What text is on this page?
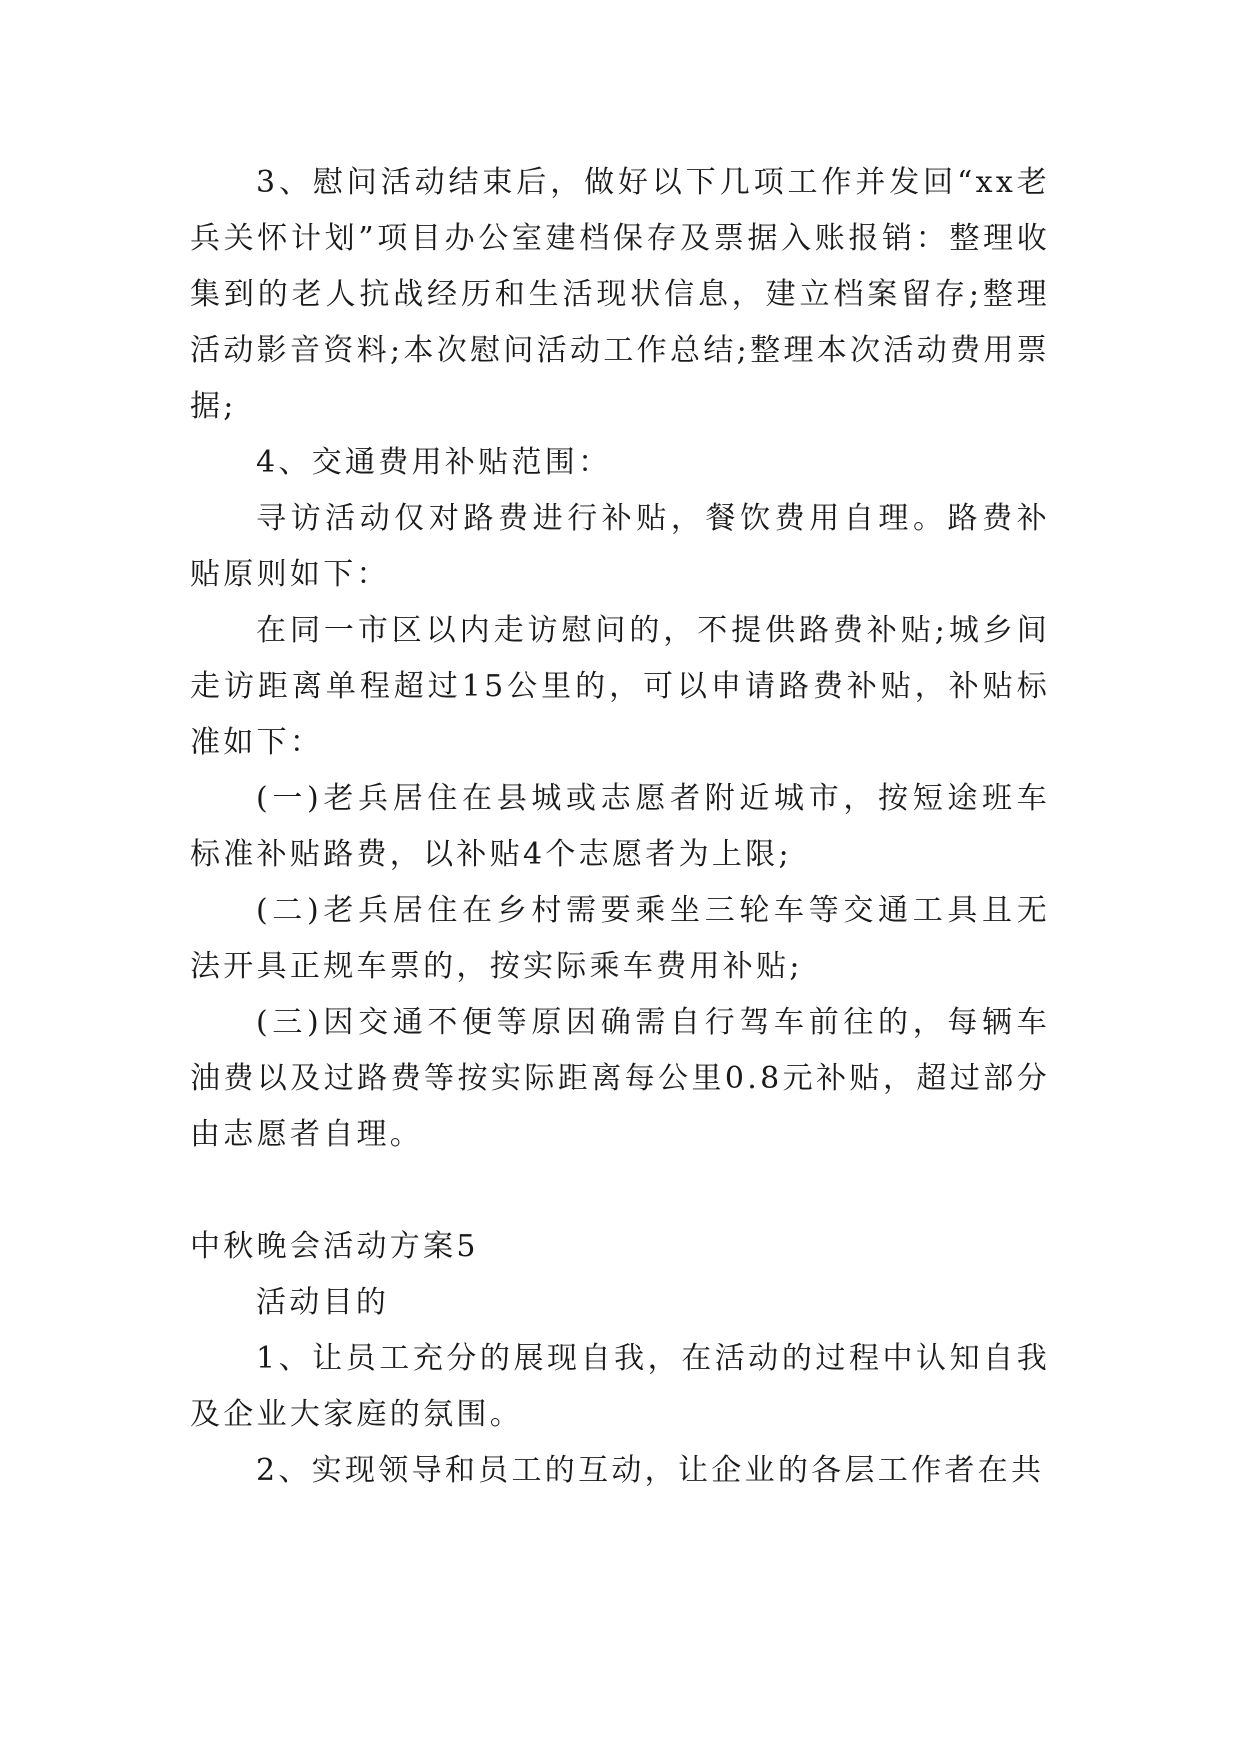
3、慰问活动结束后，做好以下几项工作并发回“xx老兵关怀计划”项目办公室建档保存及票据入账报销：整理收集到的老人抗战经历和生活现状信息，建立档案留存;整理活动影音资料;本次慰问活动工作总结;整理本次活动费用票据;

4、交通费用补贴范围：

寻访活动仅对路费进行补贴，餐饮费用自理。路费补贴原则如下：

在同一市区以内走访慰问的，不提供路费补贴;城乡间走访距离单程超过15公里的，可以申请路费补贴，补贴标准如下：

(一)老兵居住在县城或志愿者附近城市，按短途班车标准补贴路费，以补贴4个志愿者为上限;

(二)老兵居住在乡村需要乘坐三轮车等交通工具且无法开具正规车票的，按实际乘车费用补贴;

(三)因交通不便等原因确需自行驾车前往的，每辆车油费以及过路费等按实际距离每公里0.8元补贴，超过部分由志愿者自理。

中秋晚会活动方案5

活动目的

1、让员工充分的展现自我，在活动的过程中认知自我及企业大家庭的氛围。

2、实现领导和员工的互动，让企业的各层工作者在共
